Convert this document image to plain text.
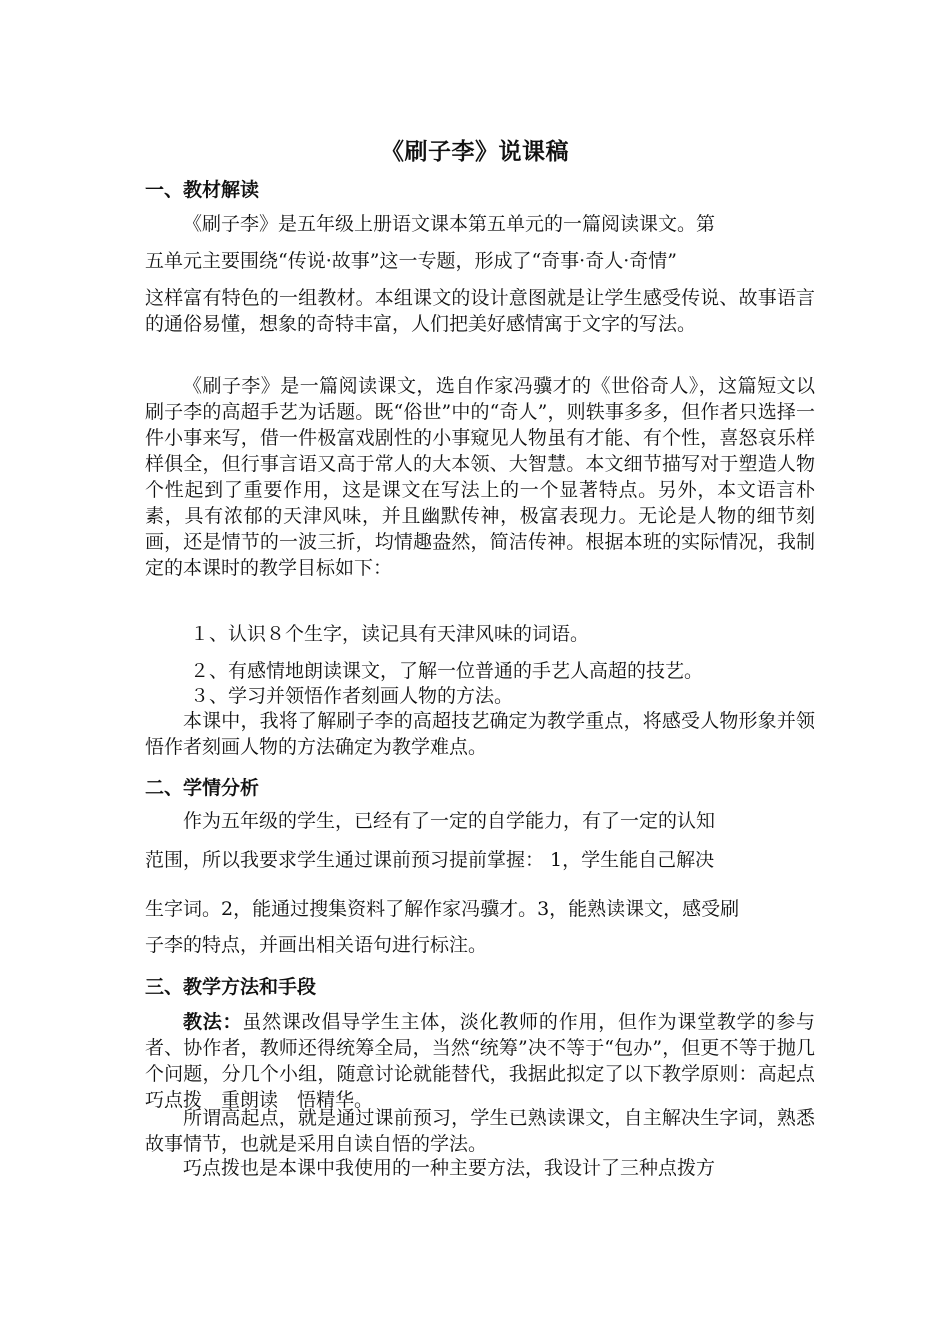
《刷子李》说课稿
一、教材解读

《刷子李》是五年级上册语文课本第五单元的一篇阅读课文。第

五单元主要围绕“传说·故事”这一专题，形成了“奇事·奇人·奇情”

这样富有特色的一组教材。本组课文的设计意图就是让学生感受传说、故事语言的通俗易懂，想象的奇特丰富，人们把美好感情寓于文字的写法。

《刷子李》是一篇阅读课文，选自作家冯骥才的《世俗奇人》，这篇短文以刷子李的高超手艺为话题。既“俗世”中的“奇人”，则轶事多多，但作者只选择一件小事来写，借一件极富戏剧性的小事窥见人物虽有才能、有个性，喜怒哀乐样样俱全，但行事言语又高于常人的大本领、大智慧。本文细节描写对于塑造人物个性起到了重要作用，这是课文在写法上的一个显著特点。另外，本文语言朴素，具有浓郁的天津风味，并且幽默传神，极富表现力。无论是人物的细节刻画，还是情节的一波三折，均情趣盎然，简洁传神。根据本班的实际情况，我制定的本课时的教学目标如下：

１、认识８个生字，读记具有天津风味的词语。

２、有感情地朗读课文，了解一位普通的手艺人高超的技艺。

３、学习并领悟作者刻画人物的方法。

本课中，我将了解刷子李的高超技艺确定为教学重点，将感受人物形象并领悟作者刻画人物的方法确定为教学难点。

二、学情分析

作为五年级的学生，已经有了一定的自学能力，有了一定的认知

范围，所以我要求学生通过课前预习提前掌握： 1，学生能自己解决

生字词。2，能通过搜集资料了解作家冯骥才。3，能熟读课文，感受刷

子李的特点，并画出相关语句进行标注。

三、教学方法和手段

教法：虽然课改倡导学生主体，淡化教师的作用，但作为课堂教学的参与者、协作者，教师还得统筹全局，当然“统筹”决不等于“包办”，但更不等于抛几个问题，分几个小组，随意讨论就能替代，我据此拟定了以下教学原则：高起点　巧点拨　重朗读　悟精华。

所谓高起点，就是通过课前预习，学生已熟读课文，自主解决生字词，熟悉故事情节，也就是采用自读自悟的学法。

巧点拨也是本课中我使用的一种主要方法，我设计了三种点拨方
